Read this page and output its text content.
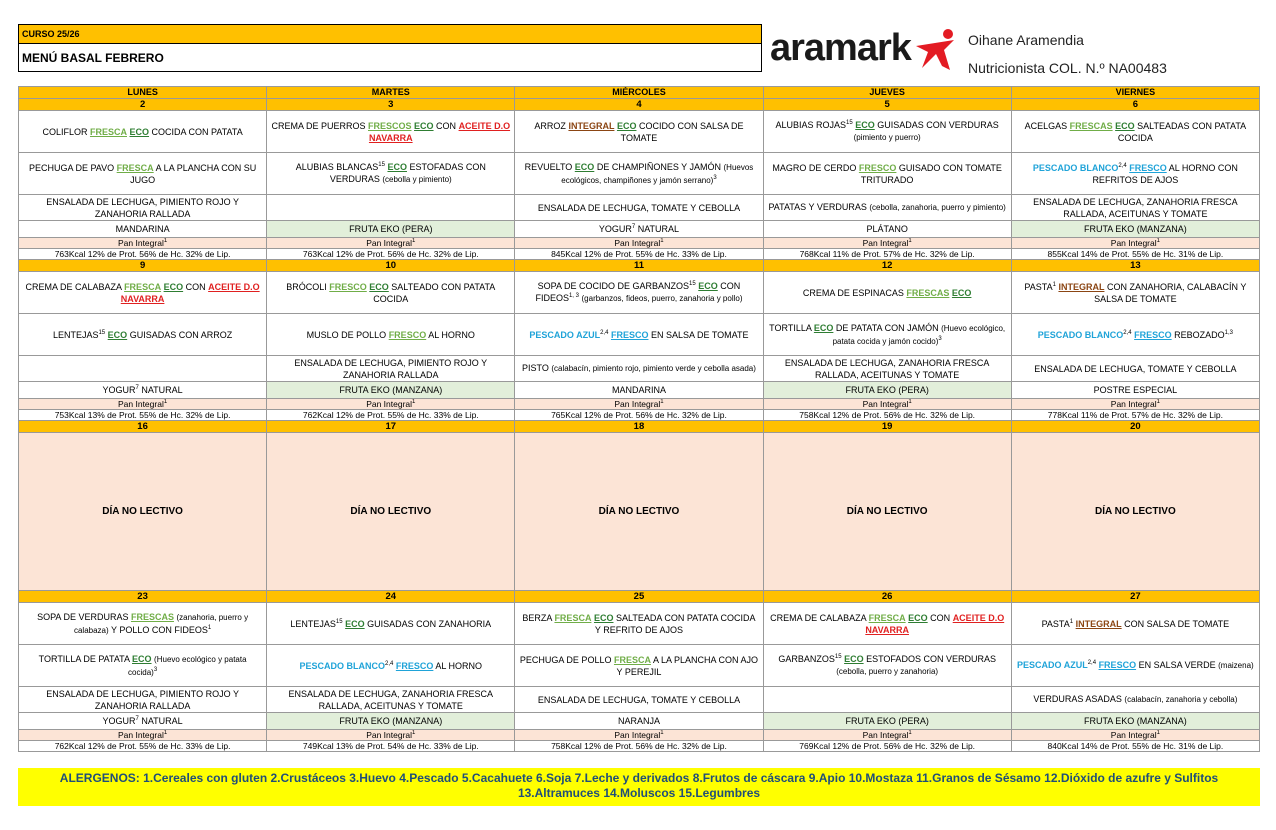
CURSO 25/26
MENÚ BASAL FEBRERO	aramark	Oihane Aramendia
Nutricionista COL. N.º NA00483
LUNES	MARTES	MIÉRCOLES	JUEVES	VIERNES
2	3	4	5	6
COLIFLOR FRESCA ECO COCIDA CON PATATA	CREMA DE PUERROS FRESCOS ECO CON ACEITE D.O NAVARRA	ARROZ INTEGRAL ECO COCIDO CON SALSA DE TOMATE	ALUBIAS ROJAS$^{15}$ ECO GUISADAS CON VERDURAS (pimiento y puerro)	ACELGAS FRESCAS ECO SALTEADAS CON PATATA COCIDA
PECHUGA DE PAVO FRESCA A LA PLANCHA CON SU JUGO	ALUBIAS BLANCAS$^{15}$ ECO ESTOFADAS CON VERDURAS (cebolla y pimiento)	REVUELTO ECO DE CHAMPIÑONES Y JAMÓN (Huevos ecológicos, champiñones y jamón serrano)$^3$	MAGRO DE CERDO FRESCO GUISADO CON TOMATE TRITURADO	PESCADO BLANCO$^{2,4}$ FRESCO AL HORNO CON REFRITOS DE AJOS
ENSALADA DE LECHUGA, PIMIENTO ROJO Y ZANAHORIA RALLADA		ENSALADA DE LECHUGA, TOMATE Y CEBOLLA	PATATAS Y VERDURAS (cebolla, zanahoria, puerro y pimiento)	ENSALADA DE LECHUGA, ZANAHORIA FRESCA RALLADA, ACEITUNAS Y TOMATE
MANDARINA	FRUTA EKO (PERA)	YOGUR$^7$ NATURAL	PLÁTANO	FRUTA EKO (MANZANA)
Pan Integral$^1$	Pan Integral$^1$	Pan Integral$^1$	Pan Integral$^1$	Pan Integral$^1$
763Kcal 12% de Prot. 56% de Hc. 32% de Lip.	763Kcal 12% de Prot. 56% de Hc. 32% de Lip.	845Kcal 12% de Prot. 55% de Hc. 33% de Lip.	768Kcal 11% de Prot. 57% de Hc. 32% de Lip.	855Kcal 14% de Prot. 55% de Hc. 31% de Lip.
9	10	11	12	13
CREMA DE CALABAZA FRESCA ECO CON ACEITE D.O NAVARRA	BRÓCOLI FRESCO ECO SALTEADO CON PATATA COCIDA	SOPA DE COCIDO DE GARBANZOS$^{15}$ ECO CON FIDEOS$^{1, 3}$ (garbanzos, fideos, puerro, zanahoria y pollo)	CREMA DE ESPINACAS FRESCAS ECO	PASTA$^1$ INTEGRAL CON ZANAHORIA, CALABACÍN Y SALSA DE TOMATE
LENTEJAS$^{15}$ ECO GUISADAS CON ARROZ	MUSLO DE POLLO FRESCO AL HORNO	PESCADO AZUL$^{2,4}$ FRESCO EN SALSA DE TOMATE	TORTILLA ECO DE PATATA CON JAMÓN (Huevo ecológico, patata cocida y jamón cocido)$^3$	PESCADO BLANCO$^{2,4}$ FRESCO REBOZADO$^{1,3}$
	ENSALADA DE LECHUGA, PIMIENTO ROJO Y ZANAHORIA RALLADA	PISTO (calabacín, pimiento rojo, pimiento verde y cebolla asada)	ENSALADA DE LECHUGA, ZANAHORIA FRESCA RALLADA, ACEITUNAS Y TOMATE	ENSALADA DE LECHUGA, TOMATE Y CEBOLLA
YOGUR$^7$ NATURAL	FRUTA EKO (MANZANA)	MANDARINA	FRUTA EKO (PERA)	POSTRE ESPECIAL
Pan Integral$^1$	Pan Integral$^1$	Pan Integral$^1$	Pan Integral$^1$	Pan Integral$^1$
753Kcal 13% de Prot. 55% de Hc. 32% de Lip.	762Kcal 12% de Prot. 55% de Hc. 33% de Lip.	765Kcal 12% de Prot. 56% de Hc. 32% de Lip.	758Kcal 12% de Prot. 56% de Hc. 32% de Lip.	778Kcal 11% de Prot. 57% de Hc. 32% de Lip.
16	17	18	19	20
DÍA NO LECTIVO	DÍA NO LECTIVO	DÍA NO LECTIVO	DÍA NO LECTIVO	DÍA NO LECTIVO
23	24	25	26	27
SOPA DE VERDURAS FRESCAS (zanahoria, puerro y calabaza) Y POLLO CON FIDEOS$^1$	LENTEJAS$^{15}$ ECO GUISADAS CON ZANAHORIA	BERZA FRESCA ECO SALTEADA CON PATATA COCIDA Y REFRITO DE AJOS	CREMA DE CALABAZA FRESCA ECO CON ACEITE D.O NAVARRA	PASTA$^1$ INTEGRAL CON SALSA DE TOMATE
TORTILLA DE PATATA ECO (Huevo ecológico y patata cocida)$^3$	PESCADO BLANCO$^{2,4}$ FRESCO AL HORNO	PECHUGA DE POLLO FRESCA A LA PLANCHA CON AJO Y PEREJIL	GARBANZOS$^{15}$ ECO ESTOFADOS CON VERDURAS (cebolla, puerro y zanahoria)	PESCADO AZUL$^{2,4}$ FRESCO EN SALSA VERDE (maizena)
ENSALADA DE LECHUGA, PIMIENTO ROJO Y ZANAHORIA RALLADA	ENSALADA DE LECHUGA, ZANAHORIA FRESCA RALLADA, ACEITUNAS Y TOMATE	ENSALADA DE LECHUGA, TOMATE Y CEBOLLA		VERDURAS ASADAS (calabacín, zanahoria y cebolla)
YOGUR$^7$ NATURAL	FRUTA EKO (MANZANA)	NARANJA	FRUTA EKO (PERA)	FRUTA EKO (MANZANA)
Pan Integral$^1$	Pan Integral$^1$	Pan Integral$^1$	Pan Integral$^1$	Pan Integral$^1$
762Kcal 12% de Prot. 55% de Hc. 33% de Lip.	749Kcal 13% de Prot. 54% de Hc. 33% de Lip.	758Kcal 12% de Prot. 56% de Hc. 32% de Lip.	769Kcal 12% de Prot. 56% de Hc. 32% de Lip.	840Kcal 14% de Prot. 55% de Hc. 31% de Lip.
ALERGENOS: 1.Cereales con gluten 2.Crustáceos 3.Huevo 4.Pescado 5.Cacahuete 6.Soja 7.Leche y derivados 8.Frutos de cáscara 9.Apio 10.Mostaza 11.Granos de Sésamo 12.Dióxido de azufre y Sulfitos 13.Altramuces 14.Moluscos 15.Legumbres
